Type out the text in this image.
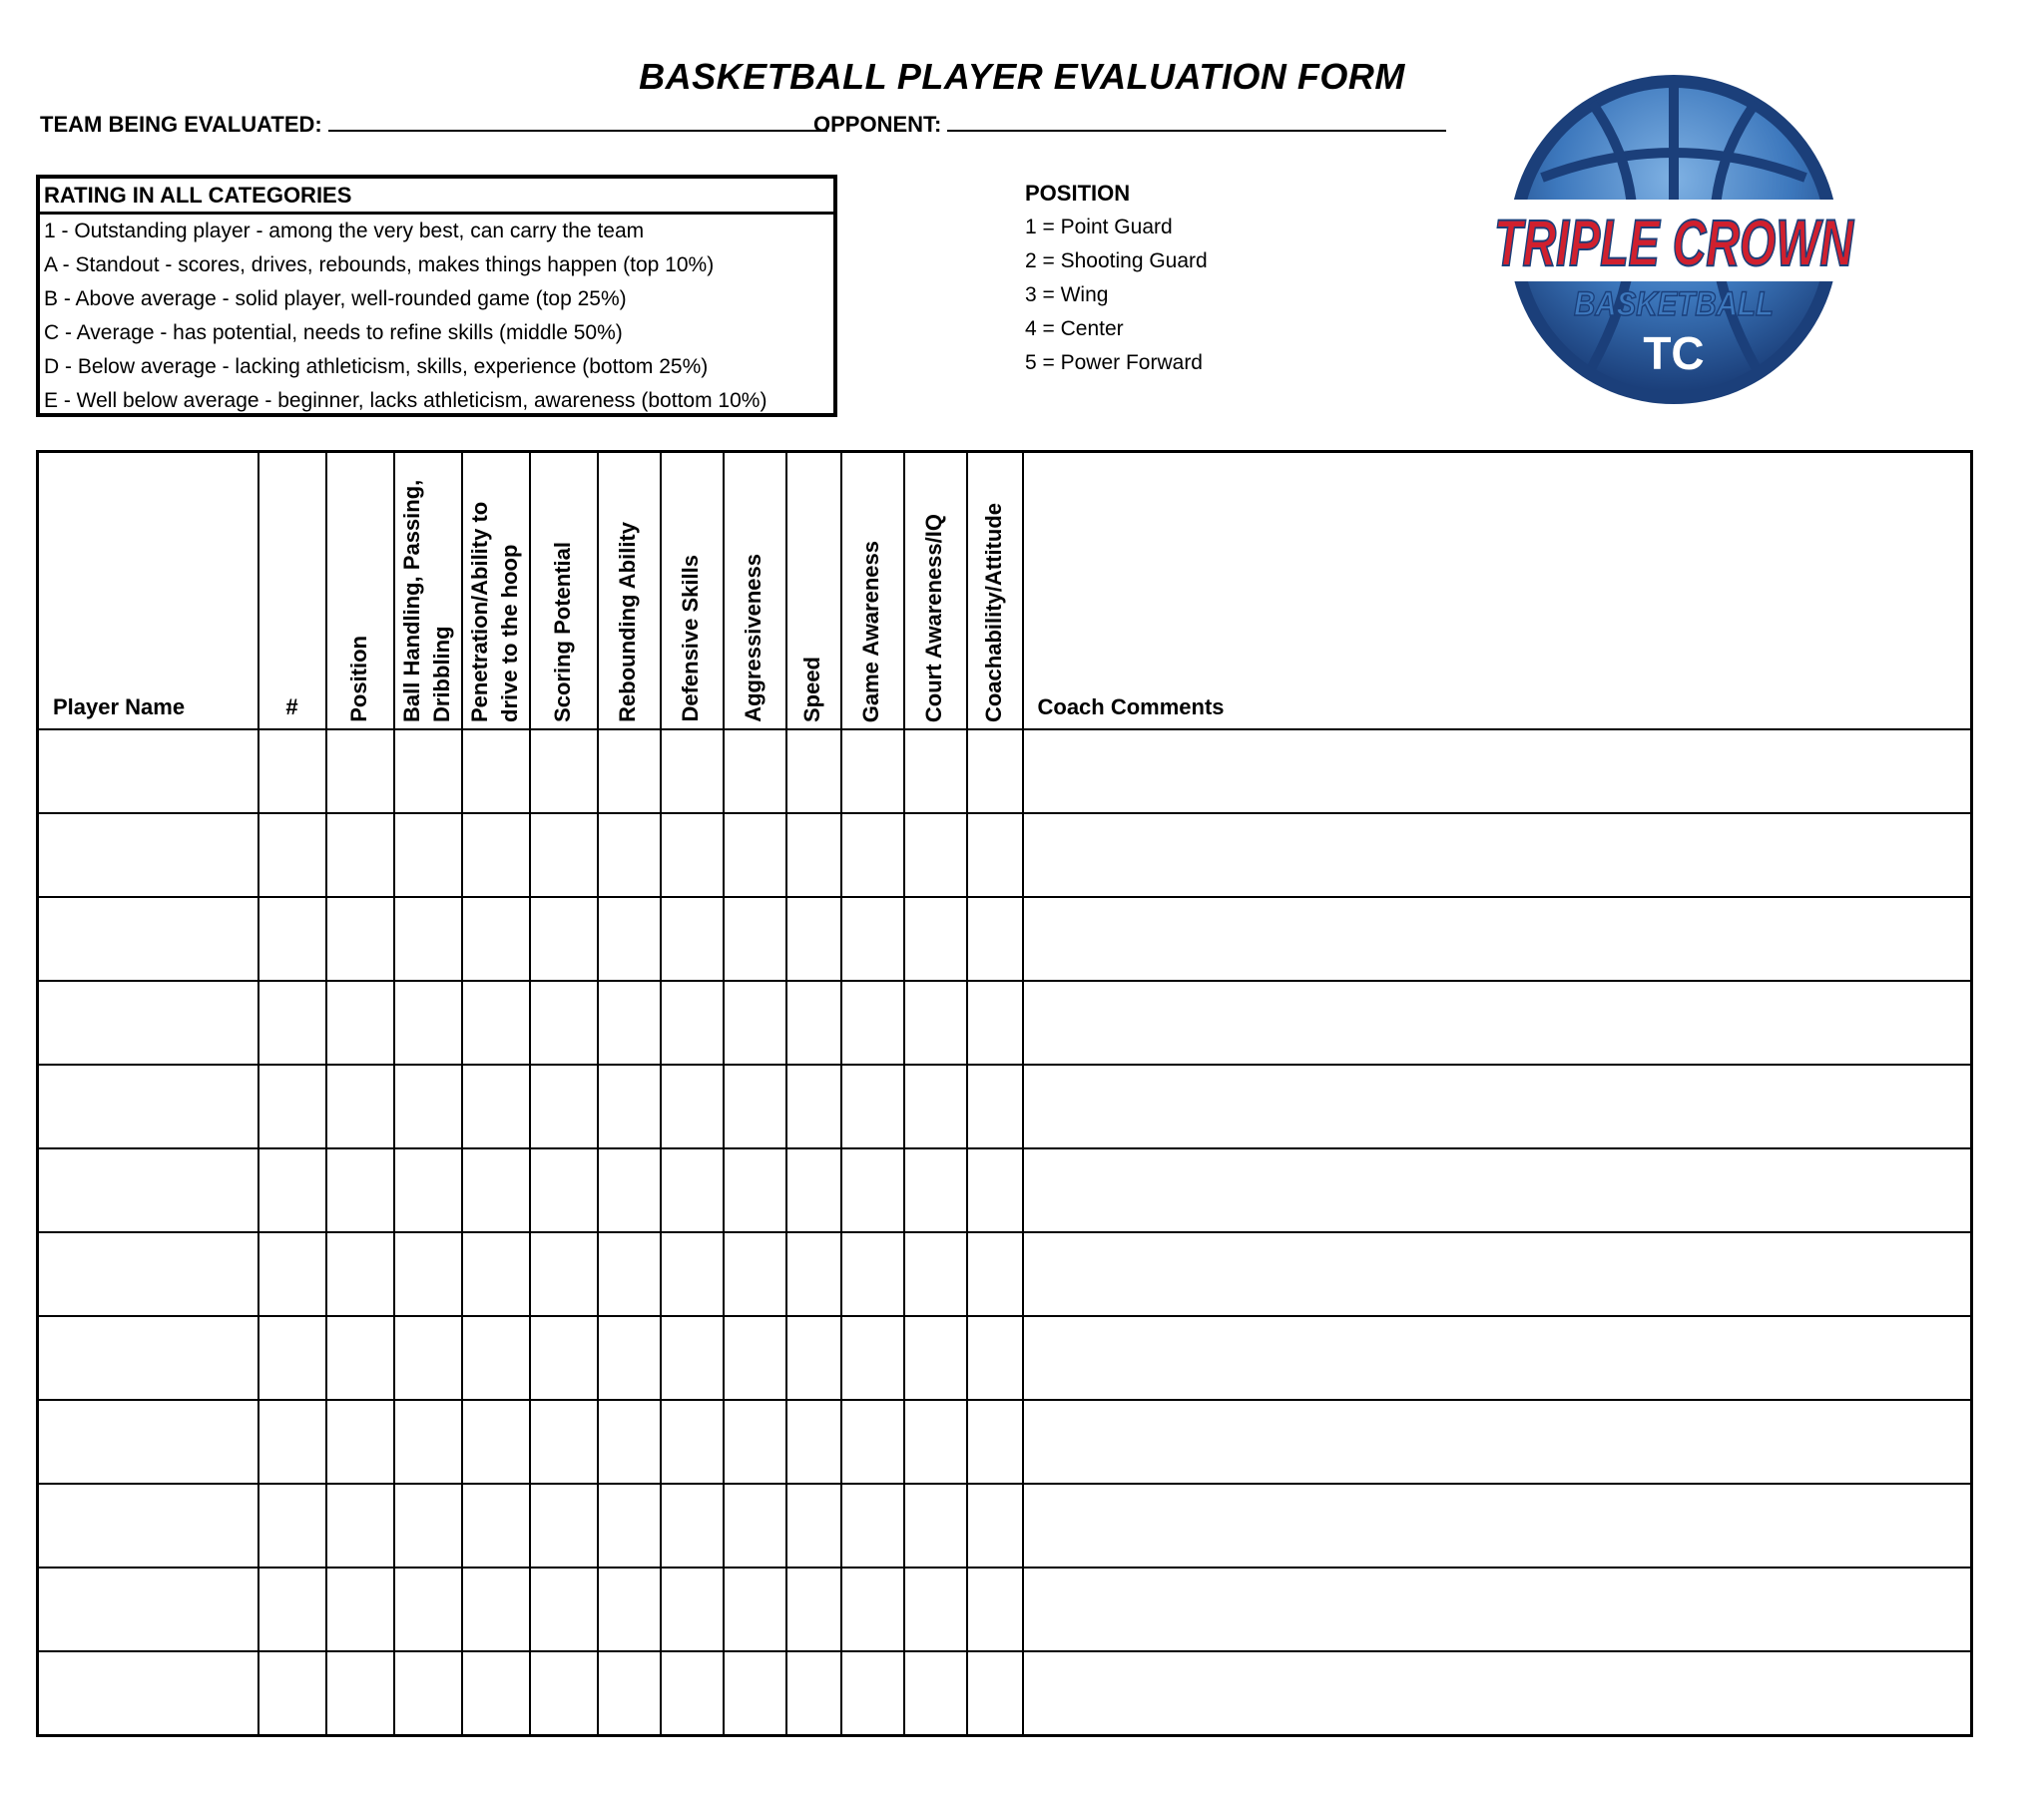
BASKETBALL PLAYER EVALUATION FORM
TEAM BEING EVALUATED:	OPPONENT:
RATING IN ALL CATEGORIES
1 - Outstanding player - among the very best, can carry the team
A - Standout - scores, drives, rebounds, makes things happen (top 10%)
B - Above average - solid player, well-rounded game (top 25%)
C - Average - has potential, needs to refine skills (middle 50%)
D - Below average - lacking athleticism, skills, experience (bottom 25%)
E - Well below average - beginner, lacks athleticism, awareness (bottom 10%)
POSITION
1 = Point Guard
2 = Shooting Guard
3 = Wing
4 = Center
5 = Power Forward
TRIPLE CROWN
BASKETBALL
TC
Player Name	#	Position	Ball Handling, Passing, Dribbling	Penetration/Ability to drive to the hoop	Scoring Potential	Rebounding Ability	Defensive Skills	Aggressiveness	Speed	Game Awareness	Court Awareness/IQ	Coachability/Attitude	Coach Comments
